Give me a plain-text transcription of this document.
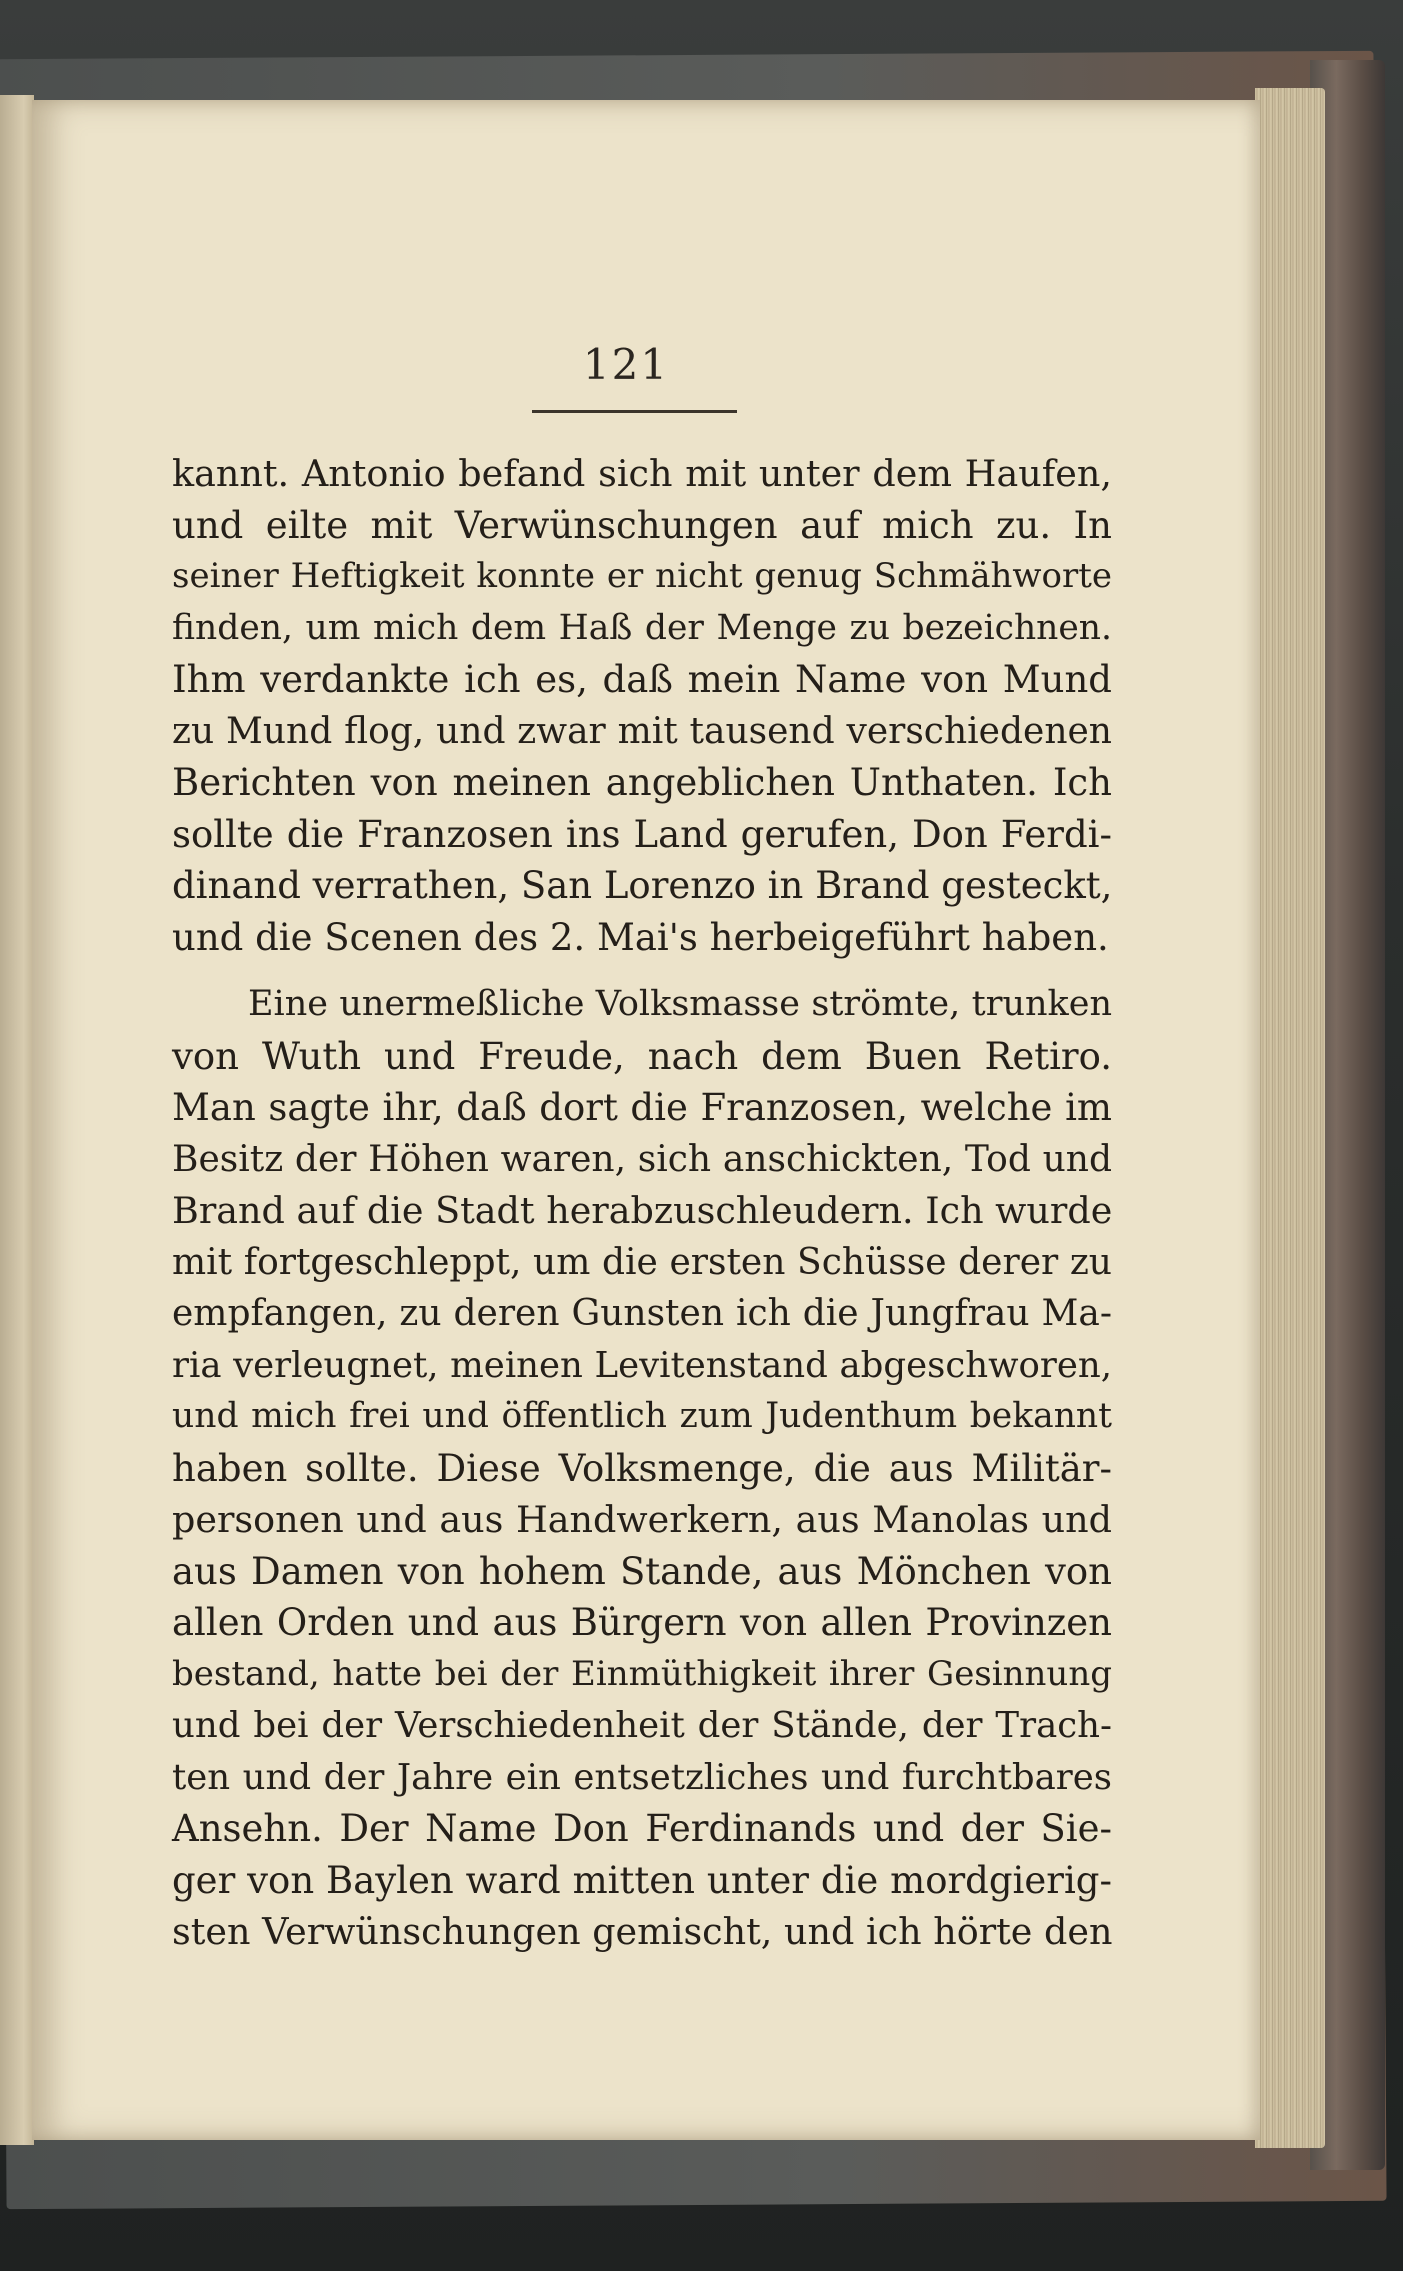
121
kannt. Antonio befand sich mit unter dem Haufen,
und eilte mit Verwünschungen auf mich zu. In
seiner Heftigkeit konnte er nicht genug Schmähworte
finden, um mich dem Haß der Menge zu bezeichnen.
Ihm verdankte ich es, daß mein Name von Mund
zu Mund flog, und zwar mit tausend verschiedenen
Berichten von meinen angeblichen Unthaten. Ich
sollte die Franzosen ins Land gerufen, Don Ferdi-
dinand verrathen, San Lorenzo in Brand gesteckt,
und die Scenen des 2. Mai's herbeigeführt haben.
Eine unermeßliche Volksmasse strömte, trunken
von Wuth und Freude, nach dem Buen Retiro.
Man sagte ihr, daß dort die Franzosen, welche im
Besitz der Höhen waren, sich anschickten, Tod und
Brand auf die Stadt herabzuschleudern. Ich wurde
mit fortgeschleppt, um die ersten Schüsse derer zu
empfangen, zu deren Gunsten ich die Jungfrau Ma-
ria verleugnet, meinen Levitenstand abgeschworen,
und mich frei und öffentlich zum Judenthum bekannt
haben sollte. Diese Volksmenge, die aus Militär-
personen und aus Handwerkern, aus Manolas und
aus Damen von hohem Stande, aus Mönchen von
allen Orden und aus Bürgern von allen Provinzen
bestand, hatte bei der Einmüthigkeit ihrer Gesinnung
und bei der Verschiedenheit der Stände, der Trach-
ten und der Jahre ein entsetzliches und furchtbares
Ansehn. Der Name Don Ferdinands und der Sie-
ger von Baylen ward mitten unter die mordgierig-
sten Verwünschungen gemischt, und ich hörte den
